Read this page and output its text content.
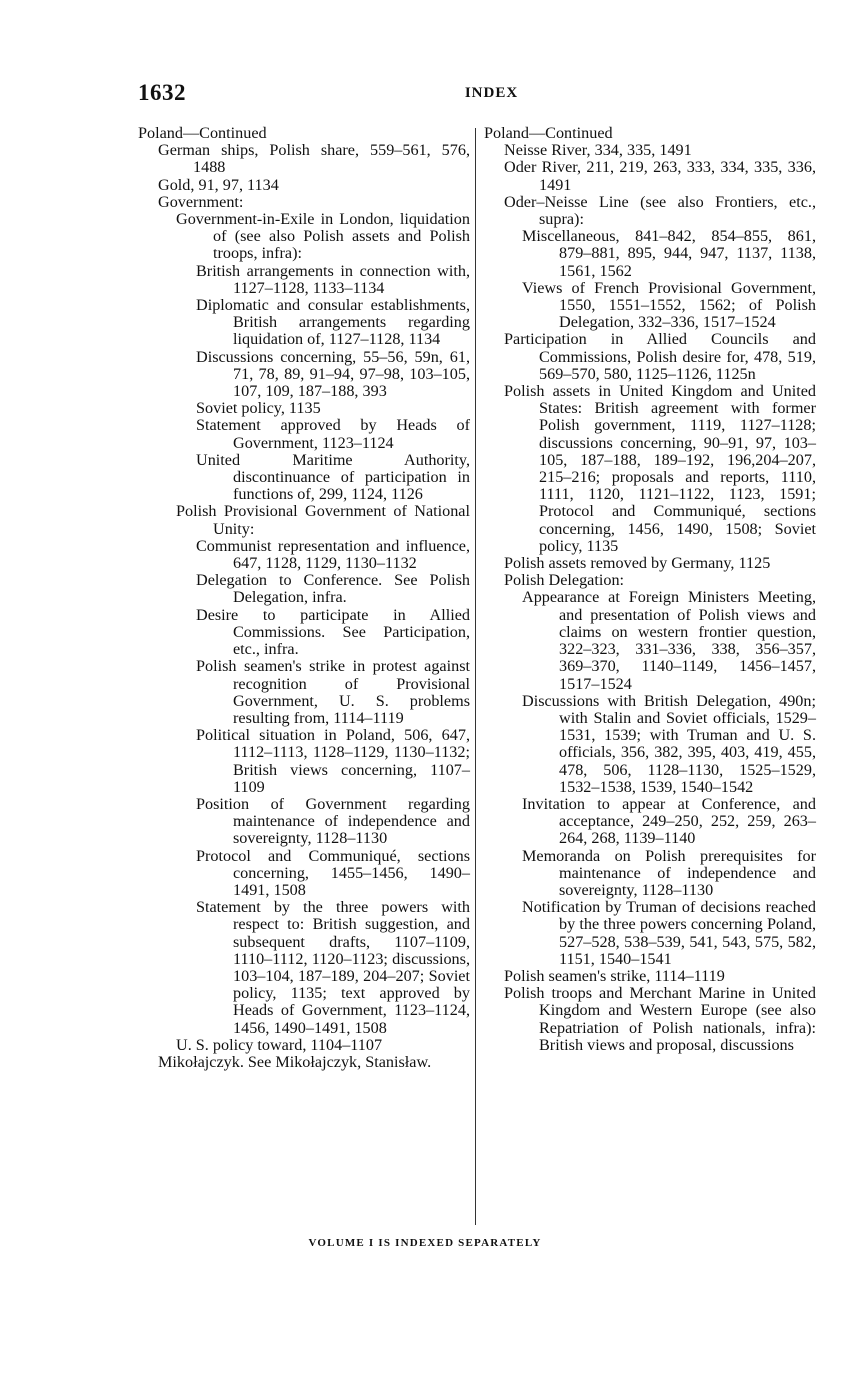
1632	INDEX
Poland—Continued
German ships, Polish share, 559–561, 576, 1488
Gold, 91, 97, 1134
Government:
Government-in-Exile in London, liquidation of (see also Polish assets and Polish troops, infra):
British arrangements in connection with, 1127–1128, 1133–1134
Diplomatic and consular establishments, British arrangements regarding liquidation of, 1127–1128, 1134
Discussions concerning, 55–56, 59n, 61, 71, 78, 89, 91–94, 97–98, 103–105, 107, 109, 187–188, 393
Soviet policy, 1135
Statement approved by Heads of Government, 1123–1124
United Maritime Authority, discontinuance of participation in functions of, 299, 1124, 1126
Polish Provisional Government of National Unity:
Communist representation and influence, 647, 1128, 1129, 1130–1132
Delegation to Conference. See Polish Delegation, infra.
Desire to participate in Allied Commissions. See Participation, etc., infra.
Polish seamen's strike in protest against recognition of Provisional Government, U. S. problems resulting from, 1114–1119
Political situation in Poland, 506, 647, 1112–1113, 1128–1129, 1130–1132; British views concerning, 1107–1109
Position of Government regarding maintenance of independence and sovereignty, 1128–1130
Protocol and Communiqué, sections concerning, 1455–1456, 1490–1491, 1508
Statement by the three powers with respect to: British suggestion, and subsequent drafts, 1107–1109, 1110–1112, 1120–1123; discussions, 103–104, 187–189, 204–207; Soviet policy, 1135; text approved by Heads of Government, 1123–1124, 1456, 1490–1491, 1508
U. S. policy toward, 1104–1107
Mikołajczyk. See Mikołajczyk, Stanisław.
Poland—Continued
Neisse River, 334, 335, 1491
Oder River, 211, 219, 263, 333, 334, 335, 336, 1491
Oder–Neisse Line (see also Frontiers, etc., supra):
Miscellaneous, 841–842, 854–855, 861, 879–881, 895, 944, 947, 1137, 1138, 1561, 1562
Views of French Provisional Government, 1550, 1551–1552, 1562; of Polish Delegation, 332–336, 1517–1524
Participation in Allied Councils and Commissions, Polish desire for, 478, 519, 569–570, 580, 1125–1126, 1125n
Polish assets in United Kingdom and United States: British agreement with former Polish government, 1119, 1127–1128; discussions concerning, 90–91, 97, 103–105, 187–188, 189–192, 196,204–207, 215–216; proposals and reports, 1110, 1111, 1120, 1121–1122, 1123, 1591; Protocol and Communiqué, sections concerning, 1456, 1490, 1508; Soviet policy, 1135
Polish assets removed by Germany, 1125
Polish Delegation:
Appearance at Foreign Ministers Meeting, and presentation of Polish views and claims on western frontier question, 322–323, 331–336, 338, 356–357, 369–370, 1140–1149, 1456–1457, 1517–1524
Discussions with British Delegation, 490n; with Stalin and Soviet officials, 1529–1531, 1539; with Truman and U. S. officials, 356, 382, 395, 403, 419, 455, 478, 506, 1128–1130, 1525–1529, 1532–1538, 1539, 1540–1542
Invitation to appear at Conference, and acceptance, 249–250, 252, 259, 263–264, 268, 1139–1140
Memoranda on Polish prerequisites for maintenance of independence and sovereignty, 1128–1130
Notification by Truman of decisions reached by the three powers concerning Poland, 527–528, 538–539, 541, 543, 575, 582, 1151, 1540–1541
Polish seamen's strike, 1114–1119
Polish troops and Merchant Marine in United Kingdom and Western Europe (see also Repatriation of Polish nationals, infra): British views and proposal, discussions
VOLUME I IS INDEXED SEPARATELY
